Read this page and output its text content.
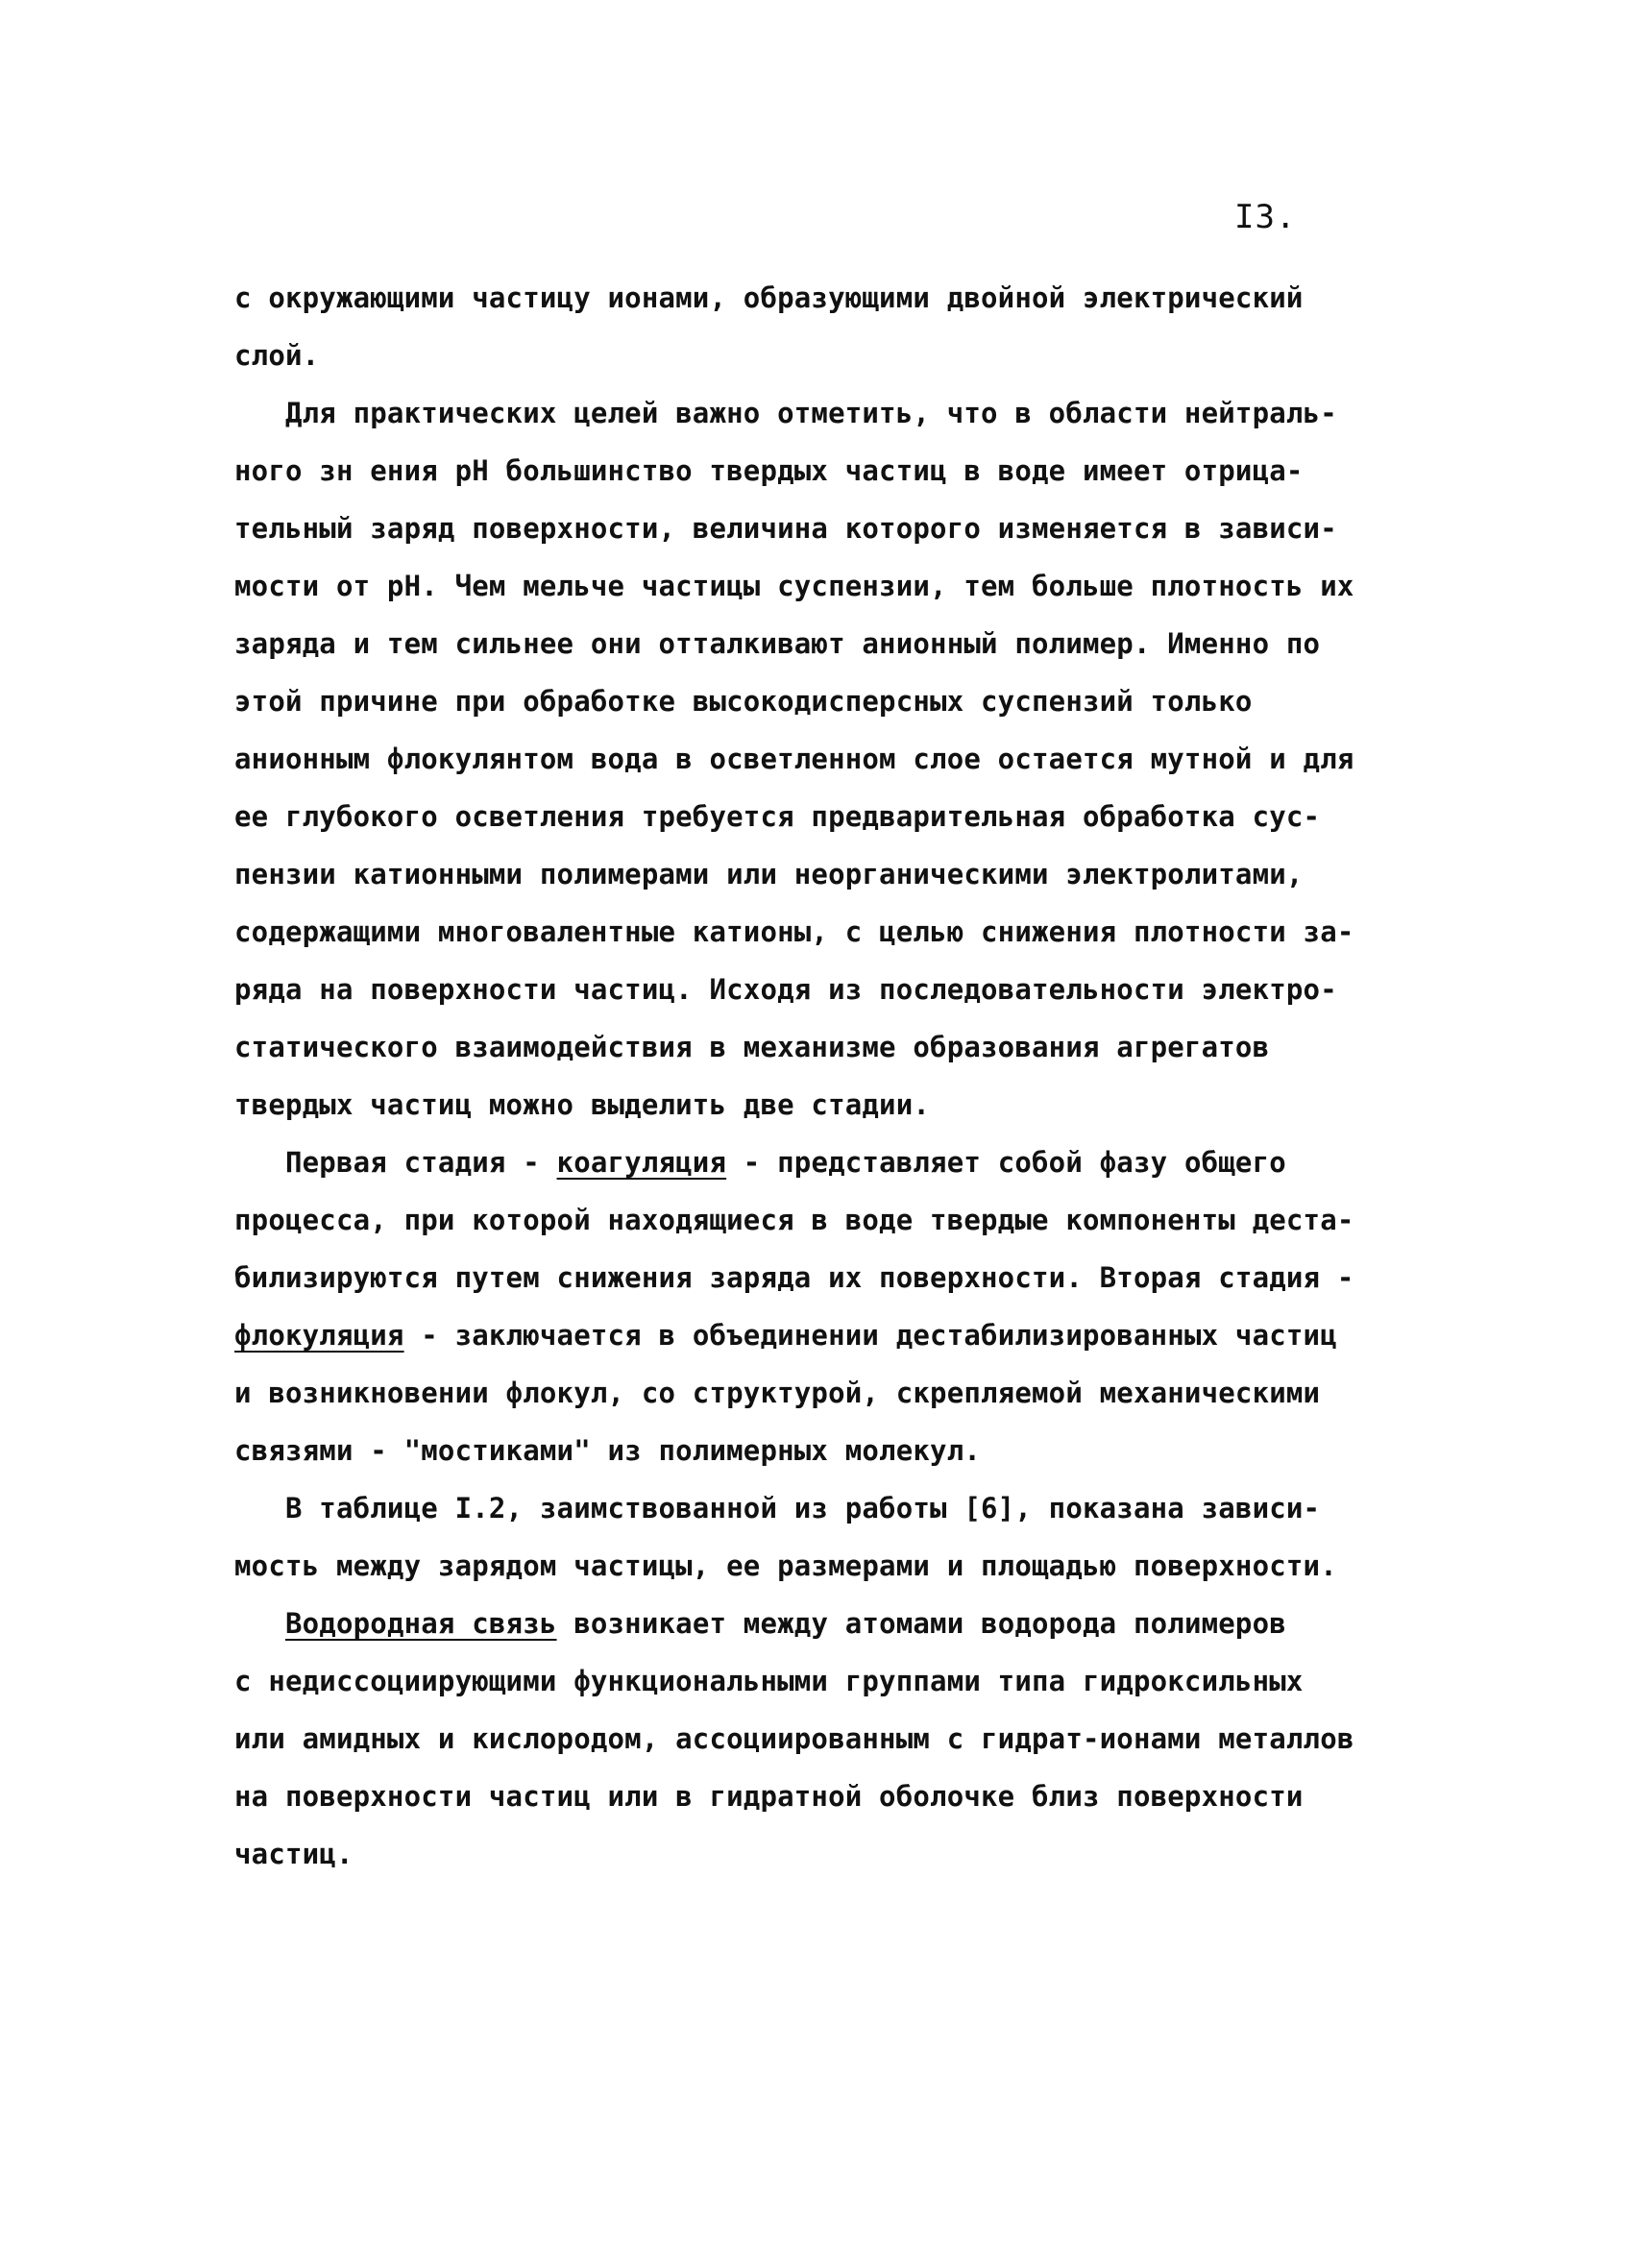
I3.
с окружающими частицу ионами, образующими двойной электрический
слой.
Для практических целей важно отметить, что в области нейтраль-
ного зн ения рН большинство твердых частиц в воде имеет отрица-
тельный заряд поверхности, величина которого изменяется в зависи-
мости от рН. Чем мельче частицы суспензии, тем больше плотность их
заряда и тем сильнее они отталкивают анионный полимер. Именно по
этой причине при обработке высокодисперсных суспензий только
анионным флокулянтом вода в осветленном слое остается мутной и для
ее глубокого осветления требуется предварительная обработка сус-
пензии катионными полимерами или неорганическими электролитами,
содержащими многовалентные катионы, с целью снижения плотности за-
ряда на поверхности частиц. Исходя из последовательности электро-
статического взаимодействия в механизме образования агрегатов
твердых частиц можно выделить две стадии.
Первая стадия - коагуляция - представляет собой фазу общего
процесса, при которой находящиеся в воде твердые компоненты деста-
билизируются путем снижения заряда их поверхности. Вторая стадия -
флокуляция - заключается в объединении дестабилизированных частиц
и возникновении флокул, со структурой, скрепляемой механическими
связями - "мостиками" из полимерных молекул.
В таблице I.2, заимствованной из работы [6], показана зависи-
мость между зарядом частицы, ее размерами и площадью поверхности.
Водородная связь возникает между атомами водорода полимеров
с недиссоциирующими функциональными группами типа гидроксильных
или амидных и кислородом, ассоциированным с гидрат-ионами металлов
на поверхности частиц или в гидратной оболочке близ поверхности
частиц.
